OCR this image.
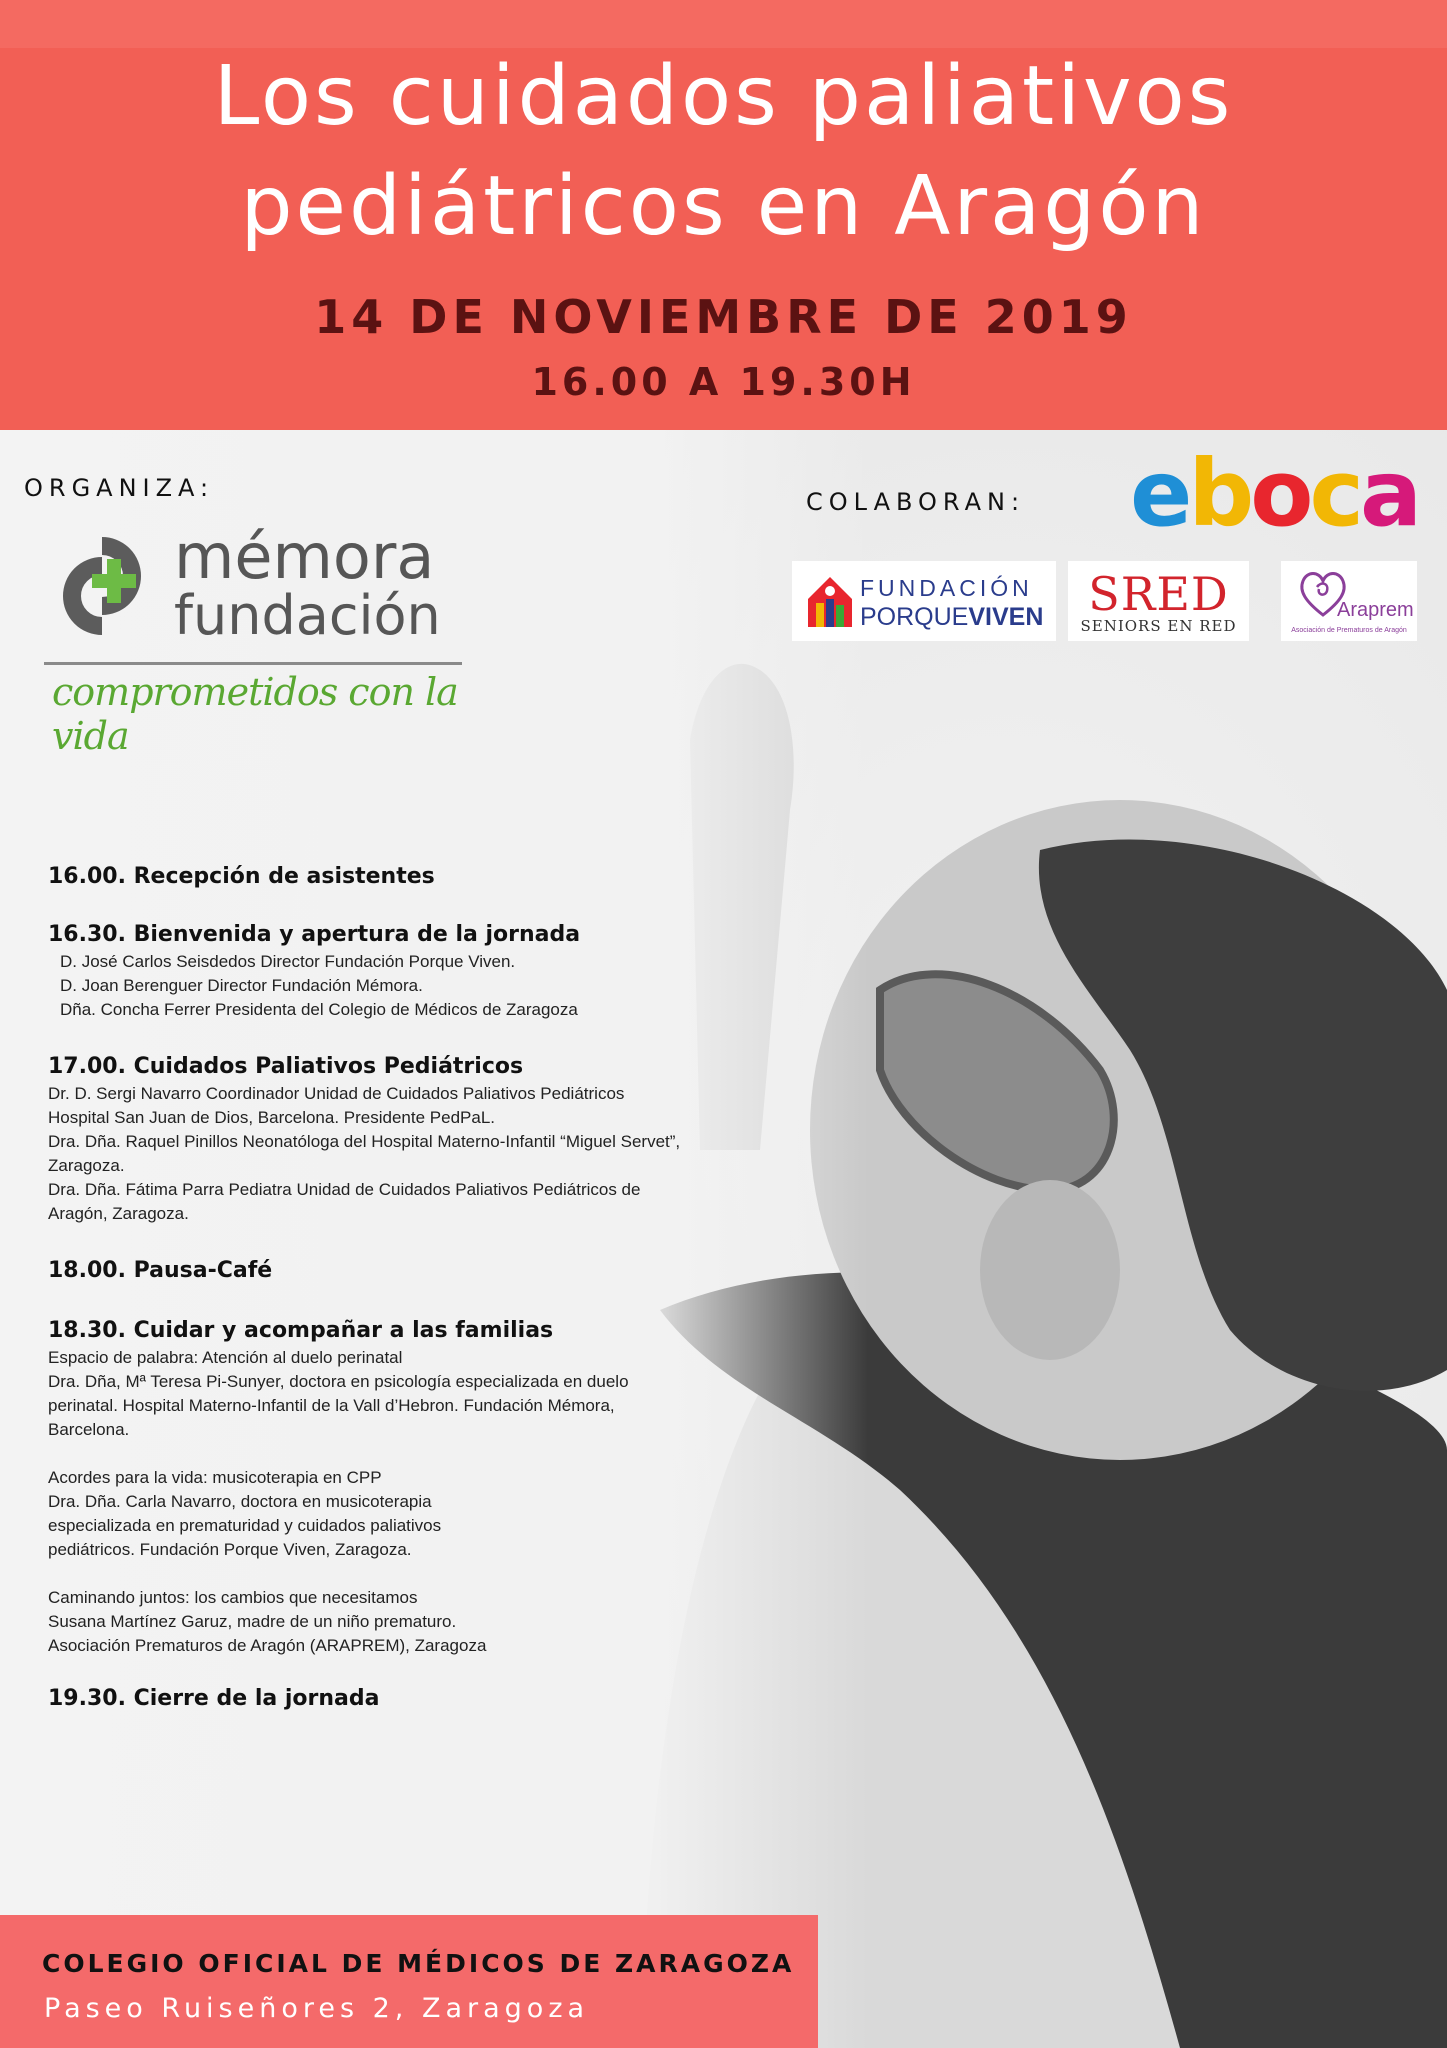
Los cuidados paliativos
pediátricos en Aragón
14 DE NOVIEMBRE DE 2019
16.00 A 19.30H
ORGANIZA:
mémora
fundación
comprometidos con la vida
COLABORAN: eboca
FUNDACIÓN
PORQUEVIVEN SRED
SENIORS EN RED
Araprem
Asociación de Prematuros de Aragón
16.00. Recepción de asistentes
16.30. Bienvenida y apertura de la jornada
D. José Carlos Seisdedos Director Fundación Porque Viven.
D. Joan Berenguer Director Fundación Mémora.
Dña. Concha Ferrer Presidenta del Colegio de Médicos de Zaragoza
17.00. Cuidados Paliativos Pediátricos
Dr. D. Sergi Navarro Coordinador Unidad de Cuidados Paliativos Pediátricos
Hospital San Juan de Dios, Barcelona. Presidente PedPaL.
Dra. Dña. Raquel Pinillos Neonatóloga del Hospital Materno-Infantil “Miguel Servet”,
Zaragoza.
Dra. Dña. Fátima Parra Pediatra Unidad de Cuidados Paliativos Pediátricos de
Aragón, Zaragoza.
18.00. Pausa-Café
18.30. Cuidar y acompañar a las familias
Espacio de palabra: Atención al duelo perinatal
Dra. Dña, Mª Teresa Pi-Sunyer, doctora en psicología especializada en duelo
perinatal. Hospital Materno-Infantil de la Vall d’Hebron. Fundación Mémora,
Barcelona.

Acordes para la vida: musicoterapia en CPP
Dra. Dña. Carla Navarro, doctora en musicoterapia
especializada en prematuridad y cuidados paliativos
pediátricos. Fundación Porque Viven, Zaragoza.

Caminando juntos: los cambios que necesitamos
Susana Martínez Garuz, madre de un niño prematuro.
Asociación Prematuros de Aragón (ARAPREM), Zaragoza
19.30. Cierre de la jornada
COLEGIO OFICIAL DE MÉDICOS DE ZARAGOZA
Paseo Ruiseñores 2, Zaragoza
